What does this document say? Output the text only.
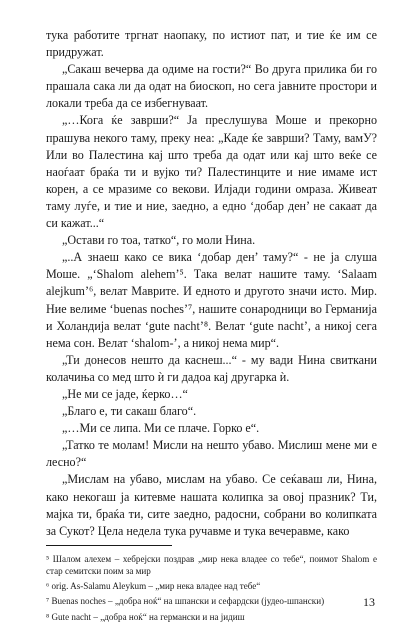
тука работите тргнат наопаку, по истиот пат, и тие ќе им се придружат.

„Сакаш вечерва да одиме на гости?“ Во друга прилика би го прашала сака ли да одат на биоскоп, но сега јавните простори и локали треба да се избегнуваат.

„…Кога ќе заврши?“ Ја преслушува Моше и прекорно прашува некого таму, преку неа: „Каде ќе заврши? Таму, вамУ? Или во Палестина кај што треба да одат или кај што веќе се наоѓаат браќа ти и вујко ти? Палестинците и ние имаме ист корен, а се мразиме со векови. Илјади години омраза. Живеат таму луѓе, и тие и ние, заедно, а едно ‘добар ден’ не сакаат да си кажат...“

„Остави го тоа, татко“, го моли Нина.

„..А знаеш како се вика ‘добар ден’ таму?“ - не ја слуша Моше. „‘Shalom alehem’⁵. Така велат нашите таму. ‘Salaam alejkum’⁶, велат Маврите. И едното и другото значи исто. Мир. Ние велиме ‘buenas noches’⁷, нашите сонародници во Германија и Холандија велат ‘gute nacht’⁸. Велат ‘gute nacht’, а никој сега нема сон. Велат ‘shalom-’, а никој нема мир“.

„Ти донесов нешто да каснеш...“ - му вади Нина свиткани колачиња со мед што ѝ ги дадоа кај другарка ѝ.

„Не ми се јаде, ќерко…“

„Благо е, ти сакаш благо“.

„…Ми се липа. Ми се плаче. Горко е“.

„Татко те молам! Мисли на нешто убаво. Мислиш мене ми е лесно?“

„Мислам на убаво, мислам на убаво. Се сеќаваш ли, Нина, како некогаш ја китевме нашата колипка за овој празник? Ти, мајка ти, браќа ти, сите заедно, радосни, собрани во колипката за Сукот? Цела недела тука ручавме и тука вечеравме, како

⁵ Шалом алехем – хебрејски поздрав „мир нека владее со тебе“, поимот Shalom е стар семитски поим за мир

⁶ orig. As-Salamu Aleykum – „мир нека владее над тебе“

⁷ Buenas noches – „добра ноќ“ на шпански и сефардски (јудео-шпански)

⁸ Gute nacht – „добра ноќ“ на германски и на јидиш

13
